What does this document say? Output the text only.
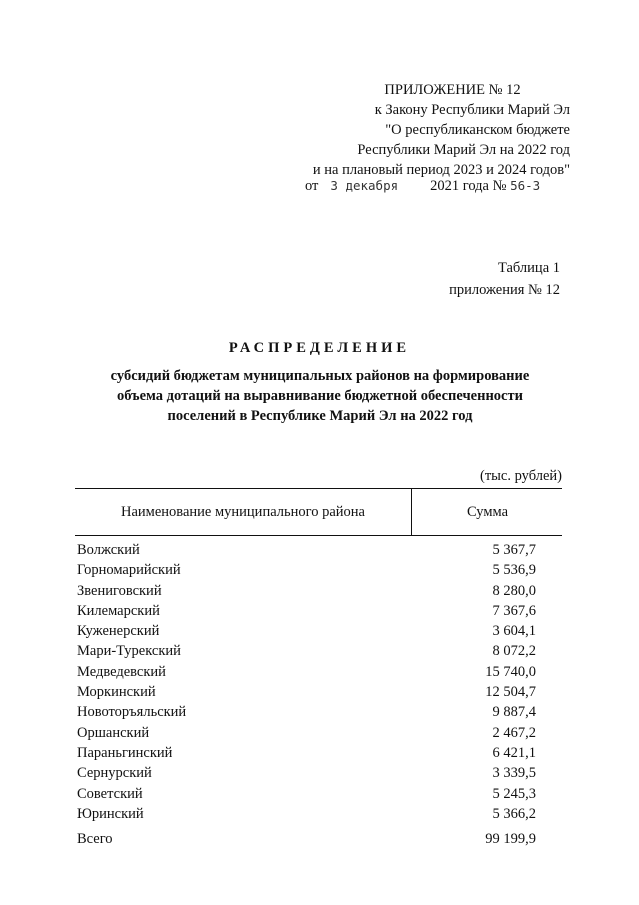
ПРИЛОЖЕНИЕ № 12
к Закону Республики Марий Эл
"О республиканском бюджете
Республики Марий Эл на 2022 год
и на плановый период 2023 и 2024 годов"
от 3 декабря 2021 года № 56-З
Таблица 1
приложения № 12
РАСПРЕДЕЛЕНИЕ
субсидий бюджетам муниципальных районов на формирование
объема дотаций на выравнивание бюджетной обеспеченности
поселений в Республике Марий Эл на 2022 год
(тыс. рублей)
Наименование муниципального района	Сумма
Волжский	5 367,7
Горномарийский	5 536,9
Звениговский	8 280,0
Килемарский	7 367,6
Куженерский	3 604,1
Мари-Турекский	8 072,2
Медведевский	15 740,0
Моркинский	12 504,7
Новоторъяльский	9 887,4
Оршанский	2 467,2
Параньгинский	6 421,1
Сернурский	3 339,5
Советский	5 245,3
Юринский	5 366,2
Всего	99 199,9
